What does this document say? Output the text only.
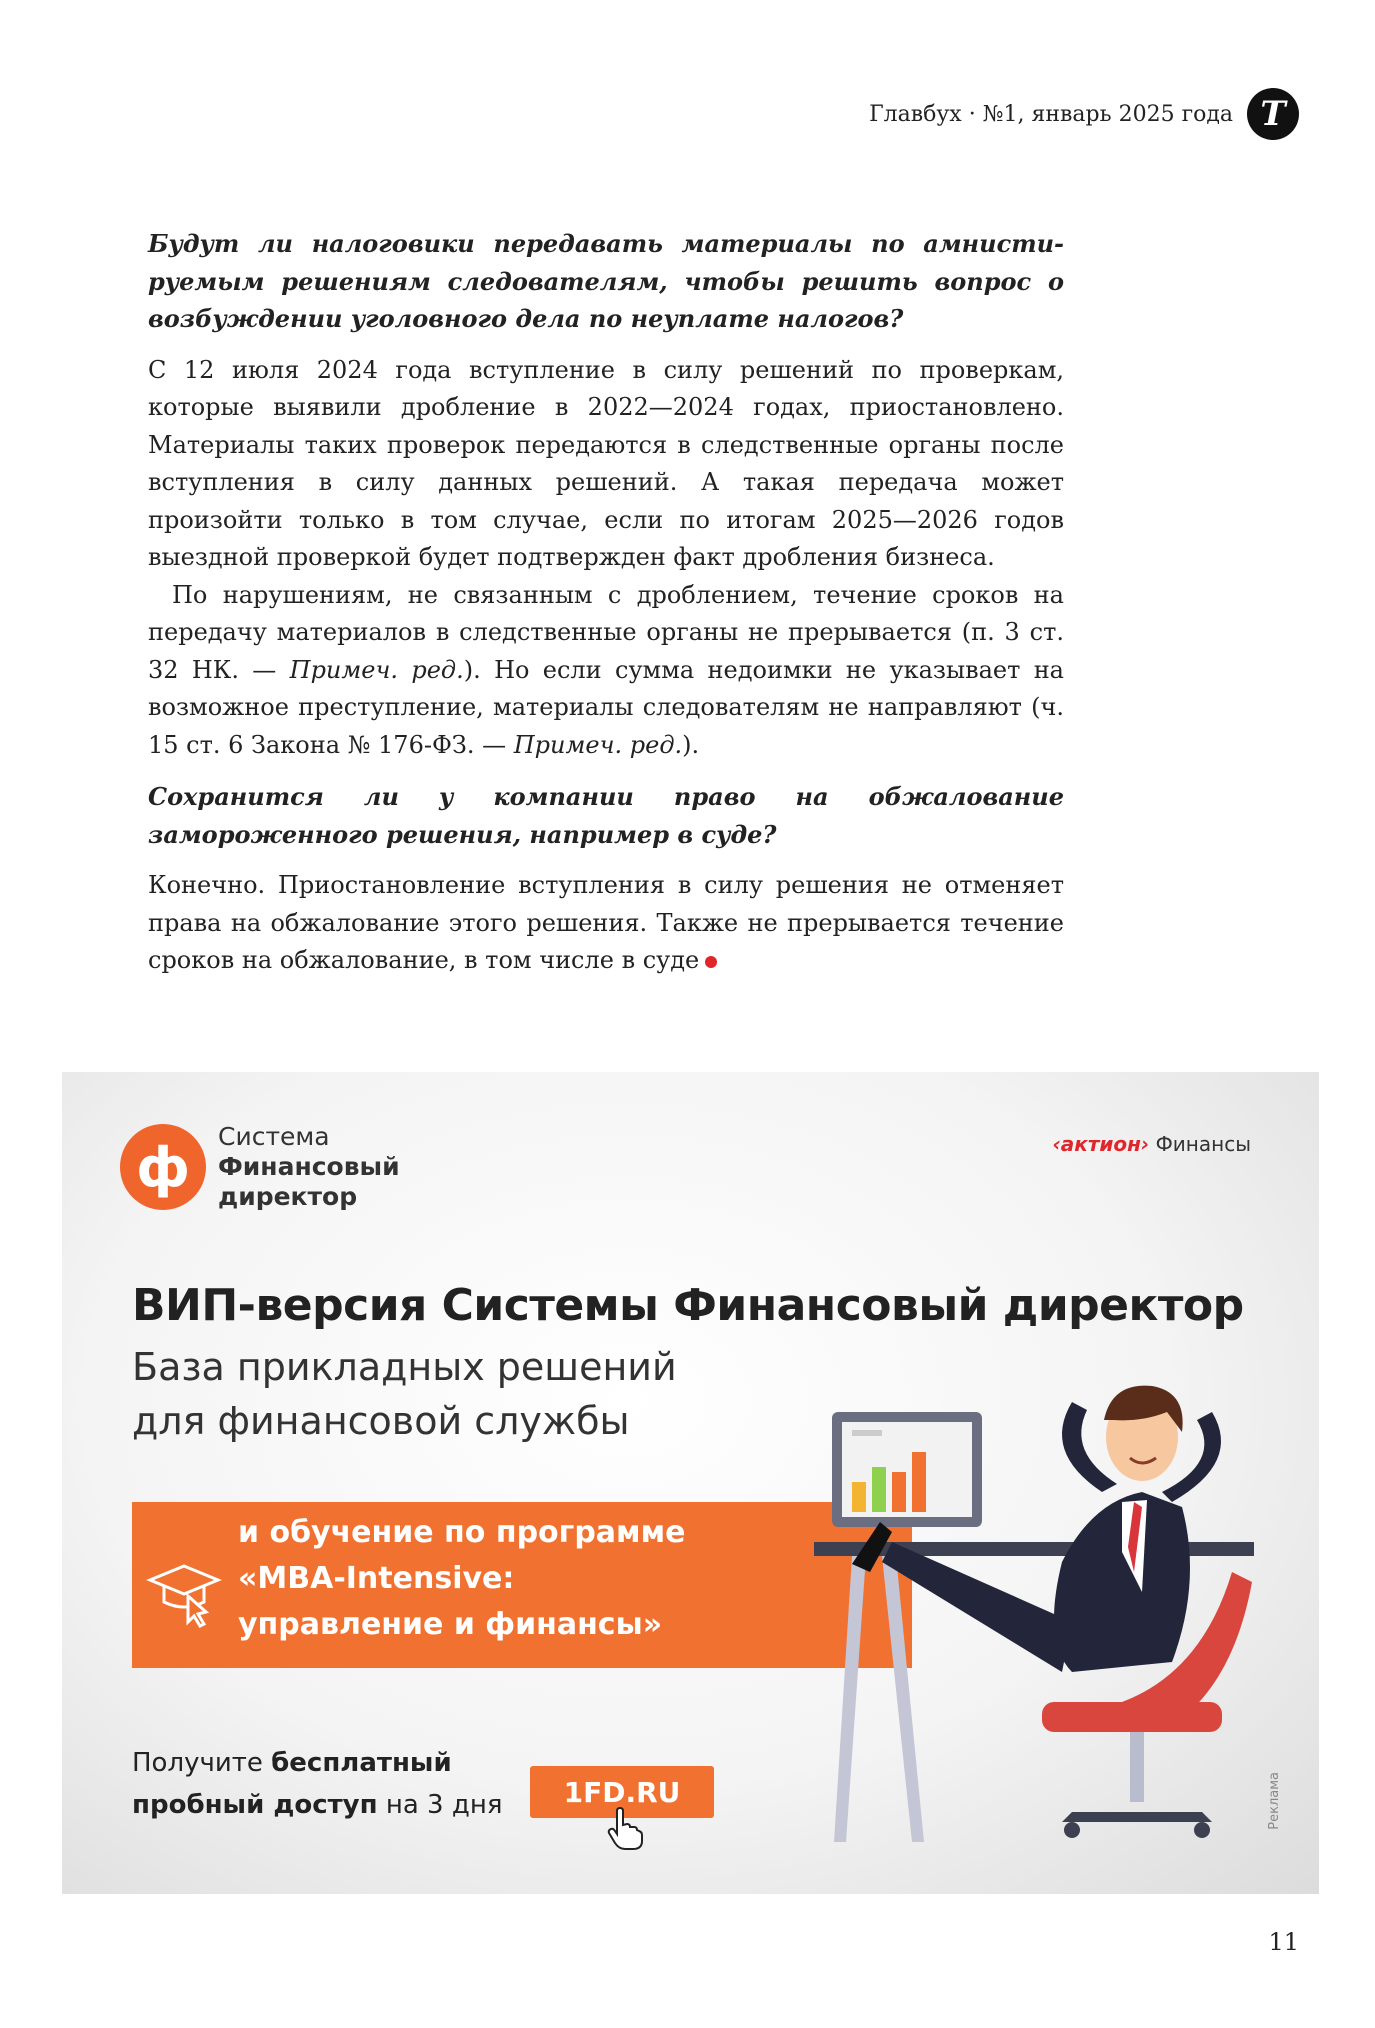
Главбух · №1, январь 2025 года Т

Будут ли налоговики передавать материалы по амнисти-руемым решениям следователям, чтобы решить вопрос о возбуждении уголовного дела по неуплате налогов?

С 12 июля 2024 года вступление в силу решений по проверкам, которые выявили дробление в 2022—2024 годах, приостановлено. Материалы таких проверок передаются в следственные органы после вступления в силу данных решений. А такая передача может произойти только в том случае, если по итогам 2025—2026 годов выездной проверкой будет подтвержден факт дробления бизнеса.

По нарушениям, не связанным с дроблением, течение сроков на передачу материалов в следственные органы не прерывается (п. 3 ст. 32 НК. — Примеч. ред.). Но если сумма недоимки не указывает на возможное преступление, материалы следователям не направляют (ч. 15 ст. 6 Закона № 176-ФЗ. — Примеч. ред.).

Сохранится ли у компании право на обжалование замороженного решения, например в суде?

Конечно. Приостановление вступления в силу решения не отменяет права на обжалование этого решения. Также не прерывается течение сроков на обжалование, в том числе в суде

ф	Система
Финансовый
директор
‹актион› Финансы
ВИП-версия Системы Финансовый директор
База прикладных решений
для финансовой службы
и обучение по программе
«MBA-Intensive:
управление и финансы»
Получите бесплатный
пробный доступ на 3 дня	1FD.RU	Реклама
11
